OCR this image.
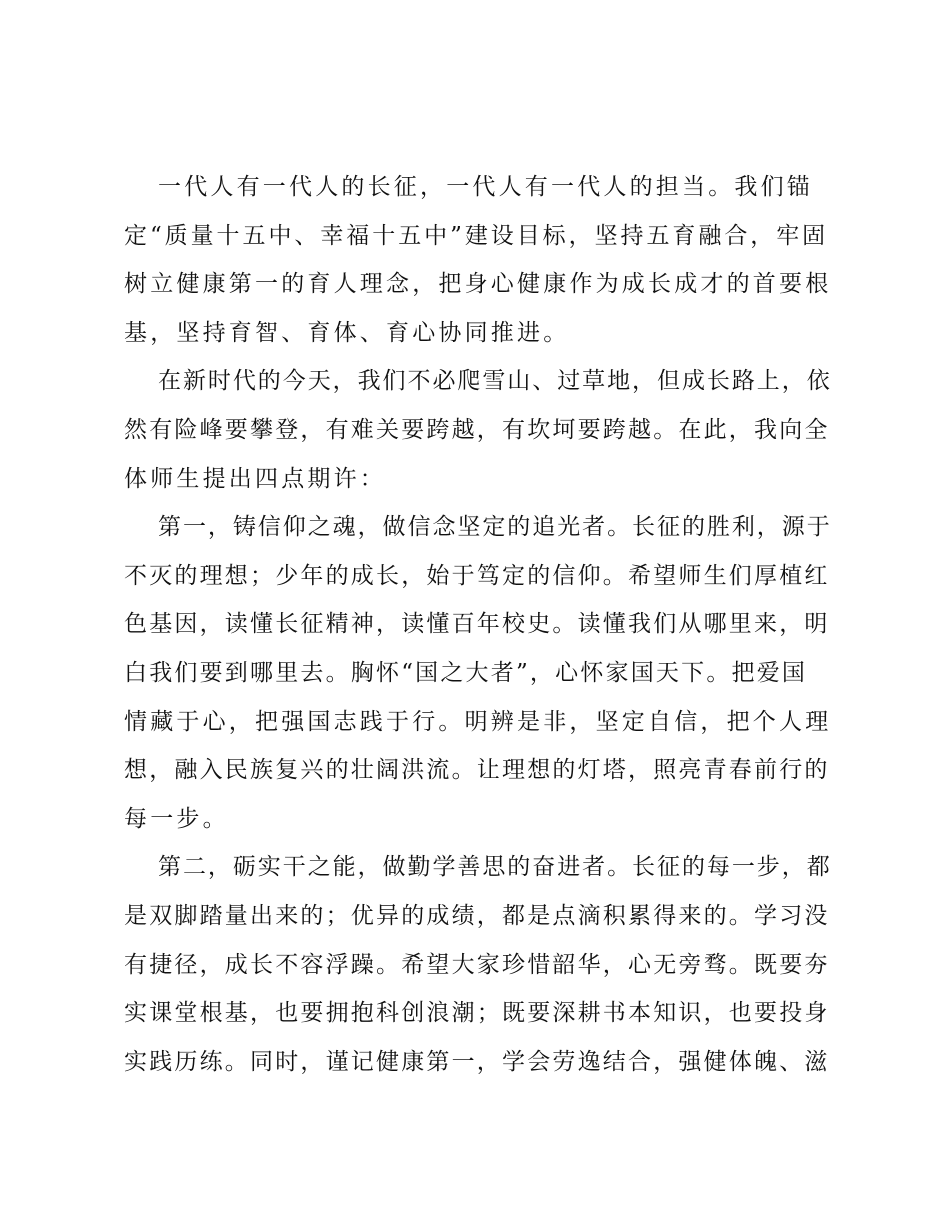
一代人有一代人的长征，一代人有一代人的担当。我们锚
定“质量十五中、幸福十五中”建设目标，坚持五育融合，牢固
树立健康第一的育人理念，把身心健康作为成长成才的首要根
基，坚持育智、育体、育心协同推进。
在新时代的今天，我们不必爬雪山、过草地，但成长路上，依
然有险峰要攀登，有难关要跨越，有坎坷要跨越。在此，我向全
体师生提出四点期许：
第一，铸信仰之魂，做信念坚定的追光者。长征的胜利，源于
不灭的理想；少年的成长，始于笃定的信仰。希望师生们厚植红
色基因，读懂长征精神，读懂百年校史。读懂我们从哪里来，明
白我们要到哪里去。胸怀“国之大者”，心怀家国天下。把爱国
情藏于心，把强国志践于行。明辨是非，坚定自信，把个人理
想，融入民族复兴的壮阔洪流。让理想的灯塔，照亮青春前行的
每一步。
第二，砺实干之能，做勤学善思的奋进者。长征的每一步，都
是双脚踏量出来的；优异的成绩，都是点滴积累得来的。学习没
有捷径，成长不容浮躁。希望大家珍惜韶华，心无旁骛。既要夯
实课堂根基，也要拥抱科创浪潮；既要深耕书本知识，也要投身
实践历练。同时，谨记健康第一，学会劳逸结合，强健体魄、滋
